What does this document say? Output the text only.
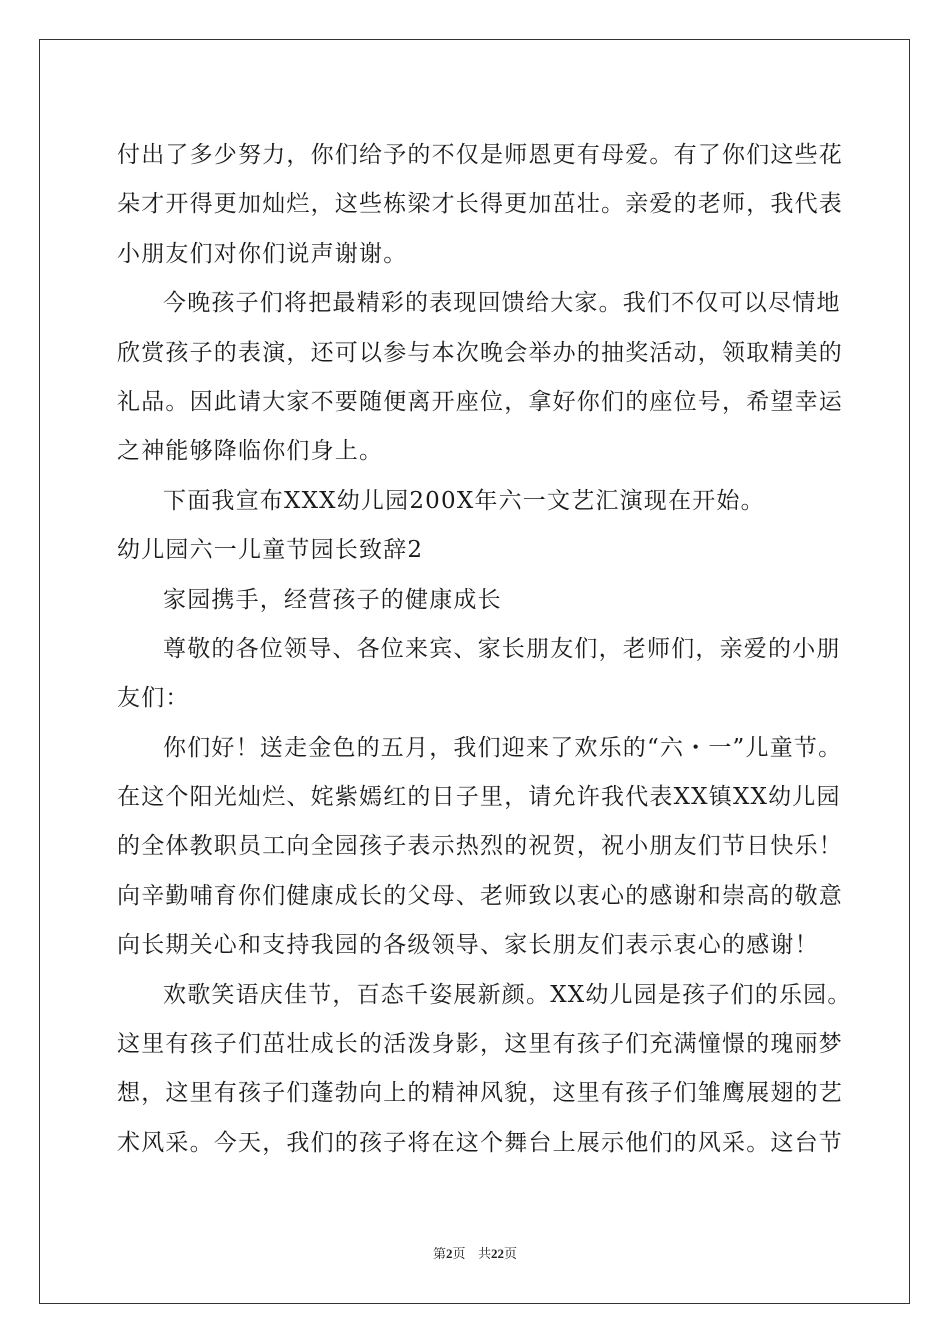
付出了多少努力，你们给予的不仅是师恩更有母爱。有了你们这些花
朵才开得更加灿烂，这些栋梁才长得更加茁壮。亲爱的老师，我代表
小朋友们对你们说声谢谢。
今晚孩子们将把最精彩的表现回馈给大家。我们不仅可以尽情地
欣赏孩子的表演，还可以参与本次晚会举办的抽奖活动，领取精美的
礼品。因此请大家不要随便离开座位，拿好你们的座位号，希望幸运
之神能够降临你们身上。
下面我宣布XXX幼儿园200X年六一文艺汇演现在开始。
幼儿园六一儿童节园长致辞2
家园携手，经营孩子的健康成长
尊敬的各位领导、各位来宾、家长朋友们，老师们，亲爱的小朋
友们：
你们好！送走金色的五月，我们迎来了欢乐的“六・一”儿童节。
在这个阳光灿烂、姹紫嫣红的日子里，请允许我代表XX镇XX幼儿园
的全体教职员工向全园孩子表示热烈的祝贺，祝小朋友们节日快乐！
向辛勤哺育你们健康成长的父母、老师致以衷心的感谢和崇高的敬意
向长期关心和支持我园的各级领导、家长朋友们表示衷心的感谢！
欢歌笑语庆佳节，百态千姿展新颜。XX幼儿园是孩子们的乐园。
这里有孩子们茁壮成长的活泼身影，这里有孩子们充满憧憬的瑰丽梦
想，这里有孩子们蓬勃向上的精神风貌，这里有孩子们雏鹰展翅的艺
术风采。今天，我们的孩子将在这个舞台上展示他们的风采。这台节
第2页 共22页
